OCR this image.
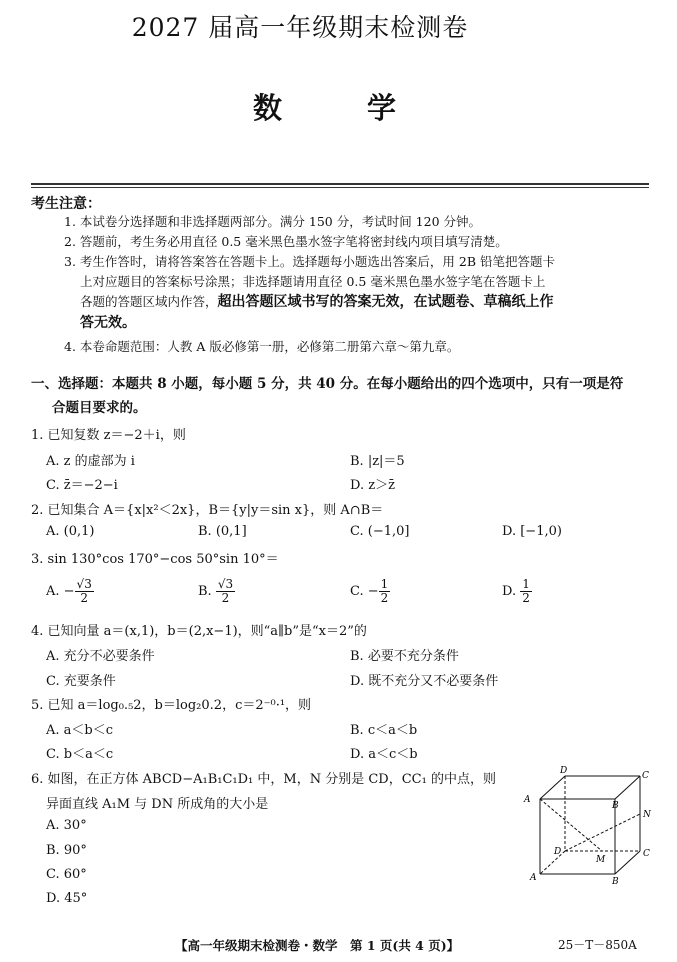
2027 届高一年级期末检测卷
数　学
考生注意：
1. 本试卷分选择题和非选择题两部分。满分 150 分，考试时间 120 分钟。
2. 答题前，考生务必用直径 0.5 毫米黑色墨水签字笔将密封线内项目填写清楚。
3. 考生作答时，请将答案答在答题卡上。选择题每小题选出答案后，用 2B 铅笔把答题卡
上对应题目的答案标号涂黑；非选择题请用直径 0.5 毫米黑色墨水签字笔在答题卡上
各题的答题区域内作答，超出答题区域书写的答案无效，在试题卷、草稿纸上作
答无效。
4. 本卷命题范围：人教 A 版必修第一册，必修第二册第六章～第九章。
一、选择题：本题共 8 小题，每小题 5 分，共 40 分。在每小题给出的四个选项中，只有一项是符
合题目要求的。
1. 已知复数 z＝−2＋i，则
A. z 的虚部为 i	B. |z|＝5
C. z̄＝−2−i	D. z＞z̄
2. 已知集合 A＝{x|x²＜2x}，B＝{y|y＝sin x}，则 A∩B＝
A. (0,1)	B. (0,1]	C. (−1,0]	D. [−1,0)
3. sin 130°cos 170°−cos 50°sin 10°＝
A. − $\frac{√3}{2}$	B. $\frac{√3}{2}$	C. − $\frac{1}{2}$	D. $\frac{1}{2}$
4. 已知向量 a＝(x,1)，b＝(2,x−1)，则“a∥b”是“x＝2”的
A. 充分不必要条件	B. 必要不充分条件
C. 充要条件	D. 既不充分又不必要条件
5. 已知 a＝log₀.₅2，b＝log₂0.2，c＝2⁻⁰·¹，则
A. a＜b＜c	B. c＜a＜b
C. b＜a＜c	D. a＜c＜b
6. 如图，在正方体 ABCD−A₁B₁C₁D₁ 中，M，N 分别是 CD，CC₁ 的中点，则
异面直线 A₁M 与 DN 所成角的大小是
A. 30°
B. 90°
C. 60°
D. 45°
D	C
A
B
N
D
M
C
A	B
【高一年级期末检测卷・数学　第 1 页(共 4 页)】	25－T－850A
